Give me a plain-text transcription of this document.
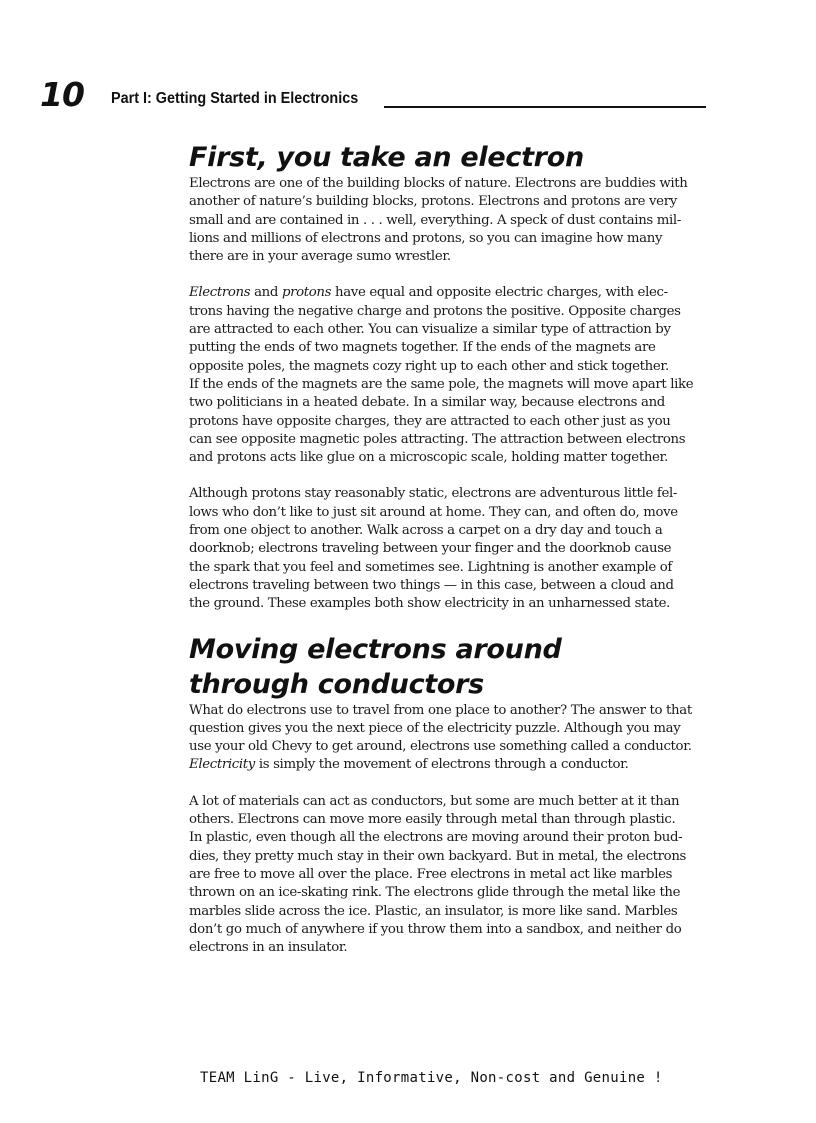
10 Part I: Getting Started in Electronics
First, you take an electron

Electrons are one of the building blocks of nature. Electrons are buddies with
another of nature’s building blocks, protons. Electrons and protons are very
small and are contained in . . . well, everything. A speck of dust contains mil-
lions and millions of electrons and protons, so you can imagine how many
there are in your average sumo wrestler.

Electrons and protons have equal and opposite electric charges, with elec-
trons having the negative charge and protons the positive. Opposite charges
are attracted to each other. You can visualize a similar type of attraction by
putting the ends of two magnets together. If the ends of the magnets are
opposite poles, the magnets cozy right up to each other and stick together.
If the ends of the magnets are the same pole, the magnets will move apart like
two politicians in a heated debate. In a similar way, because electrons and
protons have opposite charges, they are attracted to each other just as you
can see opposite magnetic poles attracting. The attraction between electrons
and protons acts like glue on a microscopic scale, holding matter together.

Although protons stay reasonably static, electrons are adventurous little fel-
lows who don’t like to just sit around at home. They can, and often do, move
from one object to another. Walk across a carpet on a dry day and touch a
doorknob; electrons traveling between your finger and the doorknob cause
the spark that you feel and sometimes see. Lightning is another example of
electrons traveling between two things — in this case, between a cloud and
the ground. These examples both show electricity in an unharnessed state.

Moving electrons around
through conductors

What do electrons use to travel from one place to another? The answer to that
question gives you the next piece of the electricity puzzle. Although you may
use your old Chevy to get around, electrons use something called a conductor.
Electricity is simply the movement of electrons through a conductor.

A lot of materials can act as conductors, but some are much better at it than
others. Electrons can move more easily through metal than through plastic.
In plastic, even though all the electrons are moving around their proton bud-
dies, they pretty much stay in their own backyard. But in metal, the electrons
are free to move all over the place. Free electrons in metal act like marbles
thrown on an ice-skating rink. The electrons glide through the metal like the
marbles slide across the ice. Plastic, an insulator, is more like sand. Marbles
don’t go much of anywhere if you throw them into a sandbox, and neither do
electrons in an insulator.

TEAM LinG - Live, Informative, Non-cost and Genuine !
